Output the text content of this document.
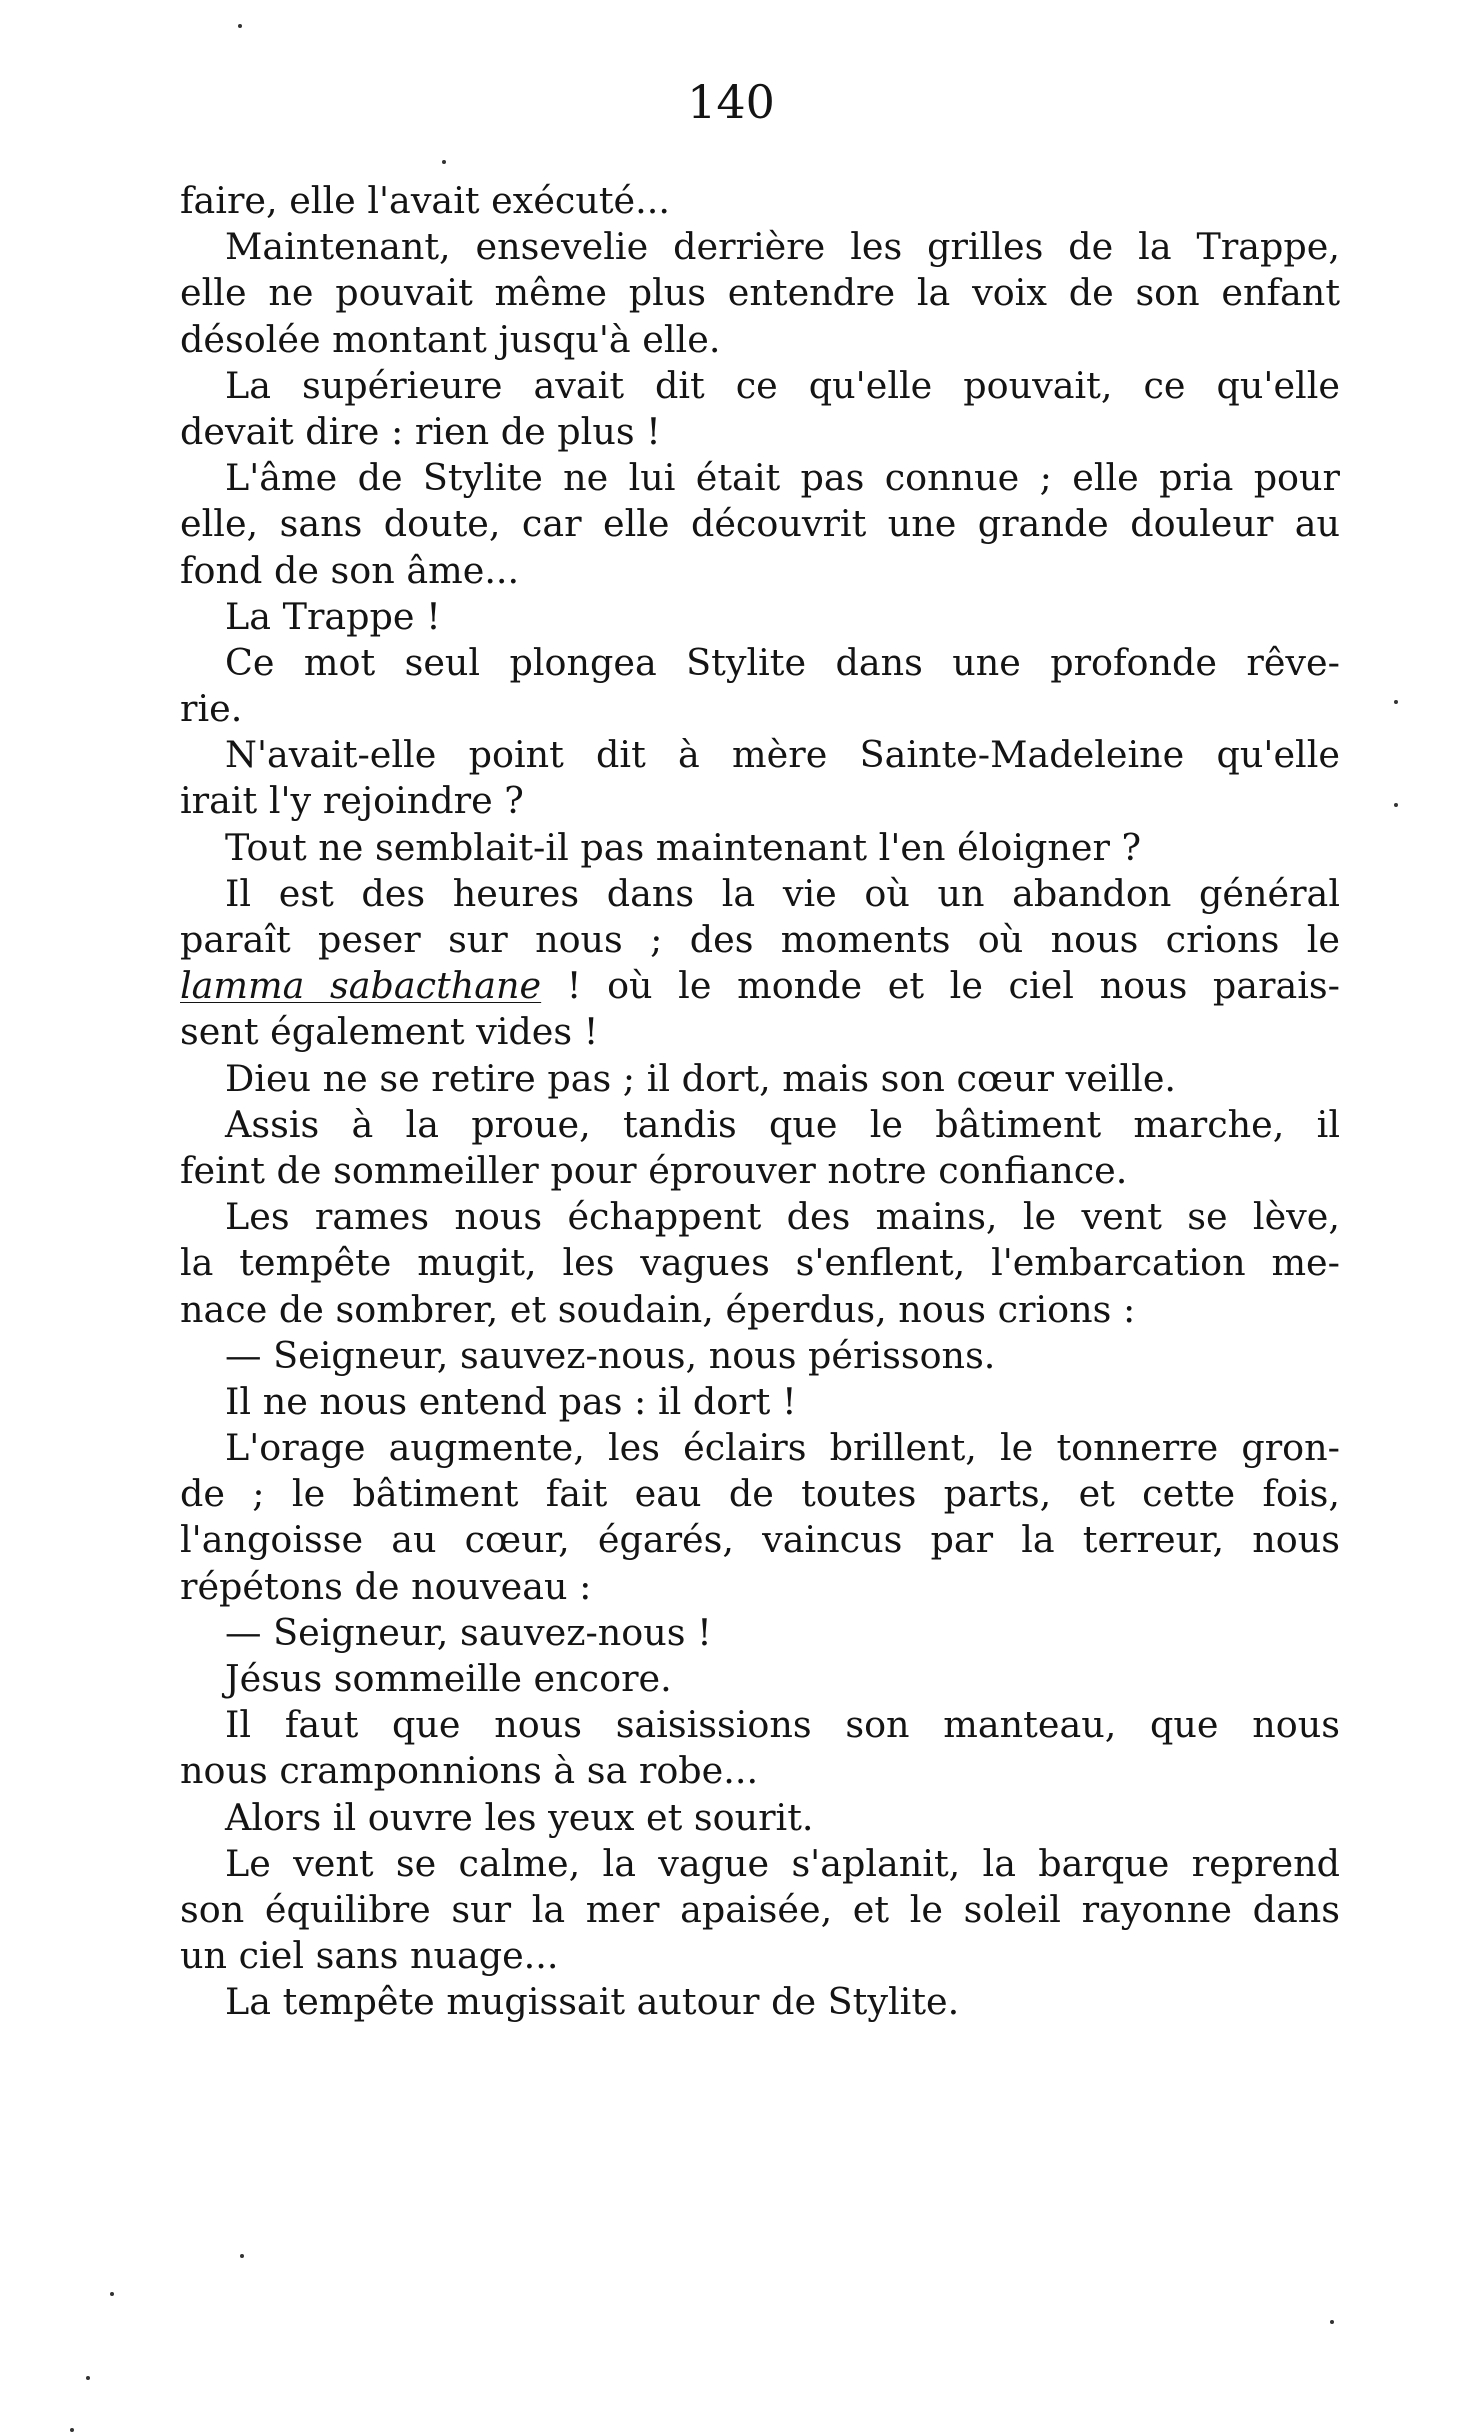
140
faire, elle l'avait exécuté...
Maintenant, ensevelie derrière les grilles de la Trappe,
elle ne pouvait même plus entendre la voix de son enfant
désolée montant jusqu'à elle.
La supérieure avait dit ce qu'elle pouvait, ce qu'elle
devait dire : rien de plus !
L'âme de Stylite ne lui était pas connue ; elle pria pour
elle, sans doute, car elle découvrit une grande douleur au
fond de son âme...
La Trappe !
Ce mot seul plongea Stylite dans une profonde rêve-
rie.
N'avait-elle point dit à mère Sainte-Madeleine qu'elle
irait l'y rejoindre ?
Tout ne semblait-il pas maintenant l'en éloigner ?
Il est des heures dans la vie où un abandon général
paraît peser sur nous ; des moments où nous crions le
lamma sabacthane ! où le monde et le ciel nous parais-
sent également vides !
Dieu ne se retire pas ; il dort, mais son cœur veille.
Assis à la proue, tandis que le bâtiment marche, il
feint de sommeiller pour éprouver notre confiance.
Les rames nous échappent des mains, le vent se lève,
la tempête mugit, les vagues s'enflent, l'embarcation me-
nace de sombrer, et soudain, éperdus, nous crions :
— Seigneur, sauvez-nous, nous périssons.
Il ne nous entend pas : il dort !
L'orage augmente, les éclairs brillent, le tonnerre gron-
de ; le bâtiment fait eau de toutes parts, et cette fois,
l'angoisse au cœur, égarés, vaincus par la terreur, nous
répétons de nouveau :
— Seigneur, sauvez-nous !
Jésus sommeille encore.
Il faut que nous saisissions son manteau, que nous
nous cramponnions à sa robe...
Alors il ouvre les yeux et sourit.
Le vent se calme, la vague s'aplanit, la barque reprend
son équilibre sur la mer apaisée, et le soleil rayonne dans
un ciel sans nuage...
La tempête mugissait autour de Stylite.
